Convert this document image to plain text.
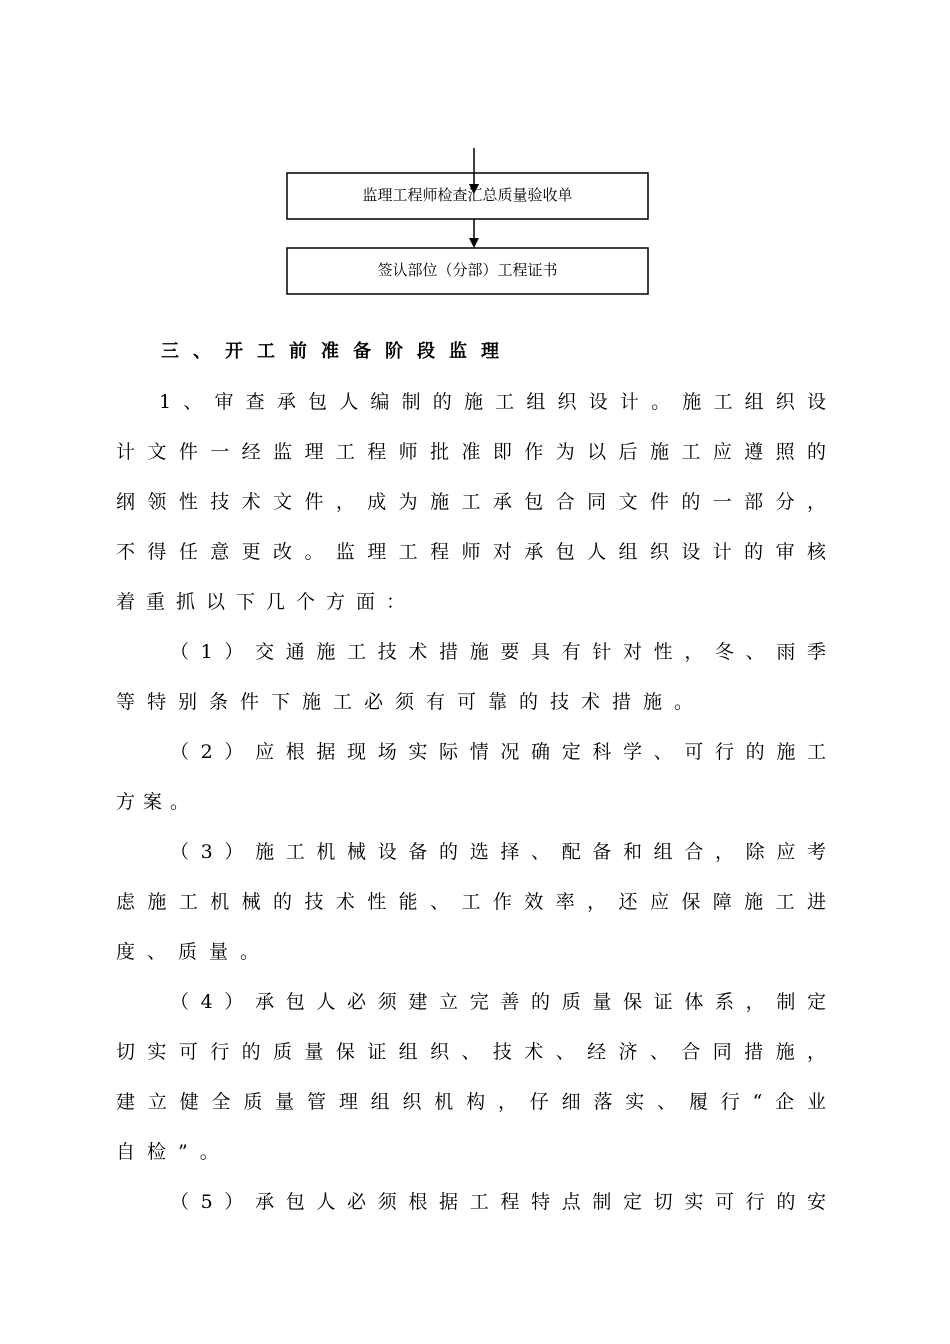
监理工程师检查汇总质量验收单
签认部位（分部）工程证书
三、开工前准备阶段监理
1、审查承包人编制的施工组织设计。施工组织设
计文件一经监理工程师批准即作为以后施工应遵照的
纲领性技术文件，成为施工承包合同文件的一部分，
不得任意更改。监理工程师对承包人组织设计的审核
着重抓以下几个方面：
（1）交通施工技术措施要具有针对性，冬、雨季
等特别条件下施工必须有可靠的技术措施。
（2）应根据现场实际情况确定科学、可行的施工
方案。
（3）施工机械设备的选择、配备和组合，除应考
虑施工机械的技术性能、工作效率，还应保障施工进
度、质量。
（4）承包人必须建立完善的质量保证体系，制定
切实可行的质量保证组织、技术、经济、合同措施，
建立健全质量管理组织机构，仔细落实、履行“企业
自检”。
（5）承包人必须根据工程特点制定切实可行的安
